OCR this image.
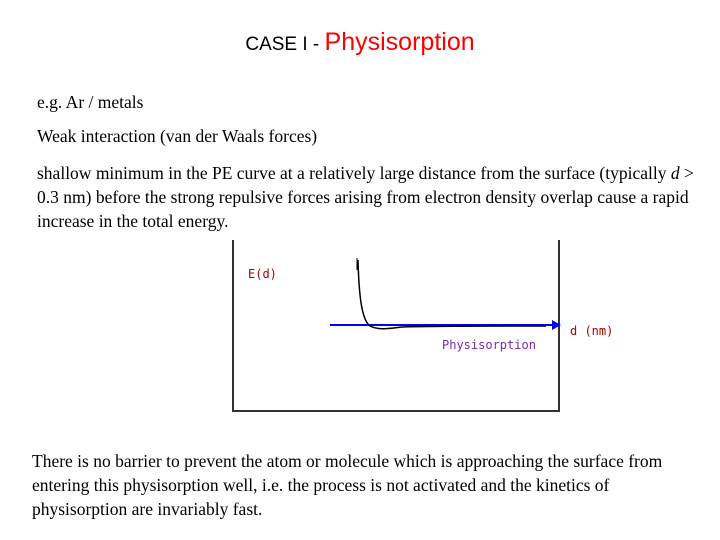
CASE I - Physisorption
e.g. Ar / metals
Weak interaction (van der Waals forces)
shallow minimum in the PE curve at a relatively large distance from the surface (typically d > 0.3 nm) before the strong repulsive forces arising from electron density overlap cause a rapid increase in the total energy.
E(d)
Physisorption
d (nm)
There is no barrier to prevent the atom or molecule which is approaching the surface from entering this physisorption well, i.e. the process is not activated and the kinetics of physisorption are invariably fast.
